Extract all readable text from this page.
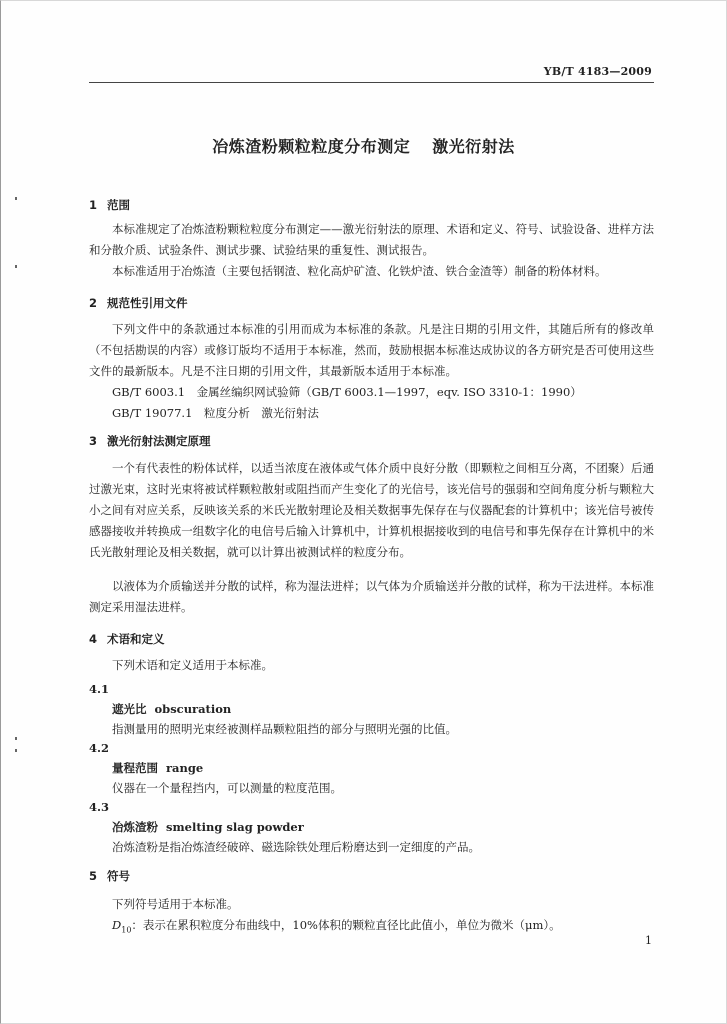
YB/T 4183—2009
冶炼渣粉颗粒粒度分布测定 激光衍射法
1 范围
本标准规定了冶炼渣粉颗粒粒度分布测定——激光衍射法的原理、术语和定义、符号、试验设备、进样方法和分散介质、试验条件、测试步骤、试验结果的重复性、测试报告。
本标准适用于冶炼渣（主要包括钢渣、粒化高炉矿渣、化铁炉渣、铁合金渣等）制备的粉体材料。
2 规范性引用文件
下列文件中的条款通过本标准的引用而成为本标准的条款。凡是注日期的引用文件，其随后所有的修改单（不包括勘误的内容）或修订版均不适用于本标准，然而，鼓励根据本标准达成协议的各方研究是否可使用这些文件的最新版本。凡是不注日期的引用文件，其最新版本适用于本标准。
GB/T 6003.1　金属丝编织网试验筛（GB/T 6003.1—1997，eqv. ISO 3310-1：1990）
GB/T 19077.1　粒度分析　激光衍射法
3 激光衍射法测定原理
一个有代表性的粉体试样，以适当浓度在液体或气体介质中良好分散（即颗粒之间相互分离，不团聚）后通过激光束，这时光束将被试样颗粒散射或阻挡而产生变化了的光信号，该光信号的强弱和空间角度分析与颗粒大小之间有对应关系，反映该关系的米氏光散射理论及相关数据事先保存在与仪器配套的计算机中；该光信号被传感器接收并转换成一组数字化的电信号后输入计算机中，计算机根据接收到的电信号和事先保存在计算机中的米氏光散射理论及相关数据，就可以计算出被测试样的粒度分布。
以液体为介质输送并分散的试样，称为湿法进样；以气体为介质输送并分散的试样，称为干法进样。本标准测定采用湿法进样。
4 术语和定义
下列术语和定义适用于本标准。
4.1
遮光比 obscuration
指测量用的照明光束经被测样品颗粒阻挡的部分与照明光强的比值。
4.2
量程范围 range
仪器在一个量程挡内，可以测量的粒度范围。
4.3
冶炼渣粉 smelting slag powder
冶炼渣粉是指冶炼渣经破碎、磁选除铁处理后粉磨达到一定细度的产品。
5 符号
下列符号适用于本标准。
$D_{10}$：表示在累积粒度分布曲线中，10%体积的颗粒直径比此值小，单位为微米（μm）。
1
